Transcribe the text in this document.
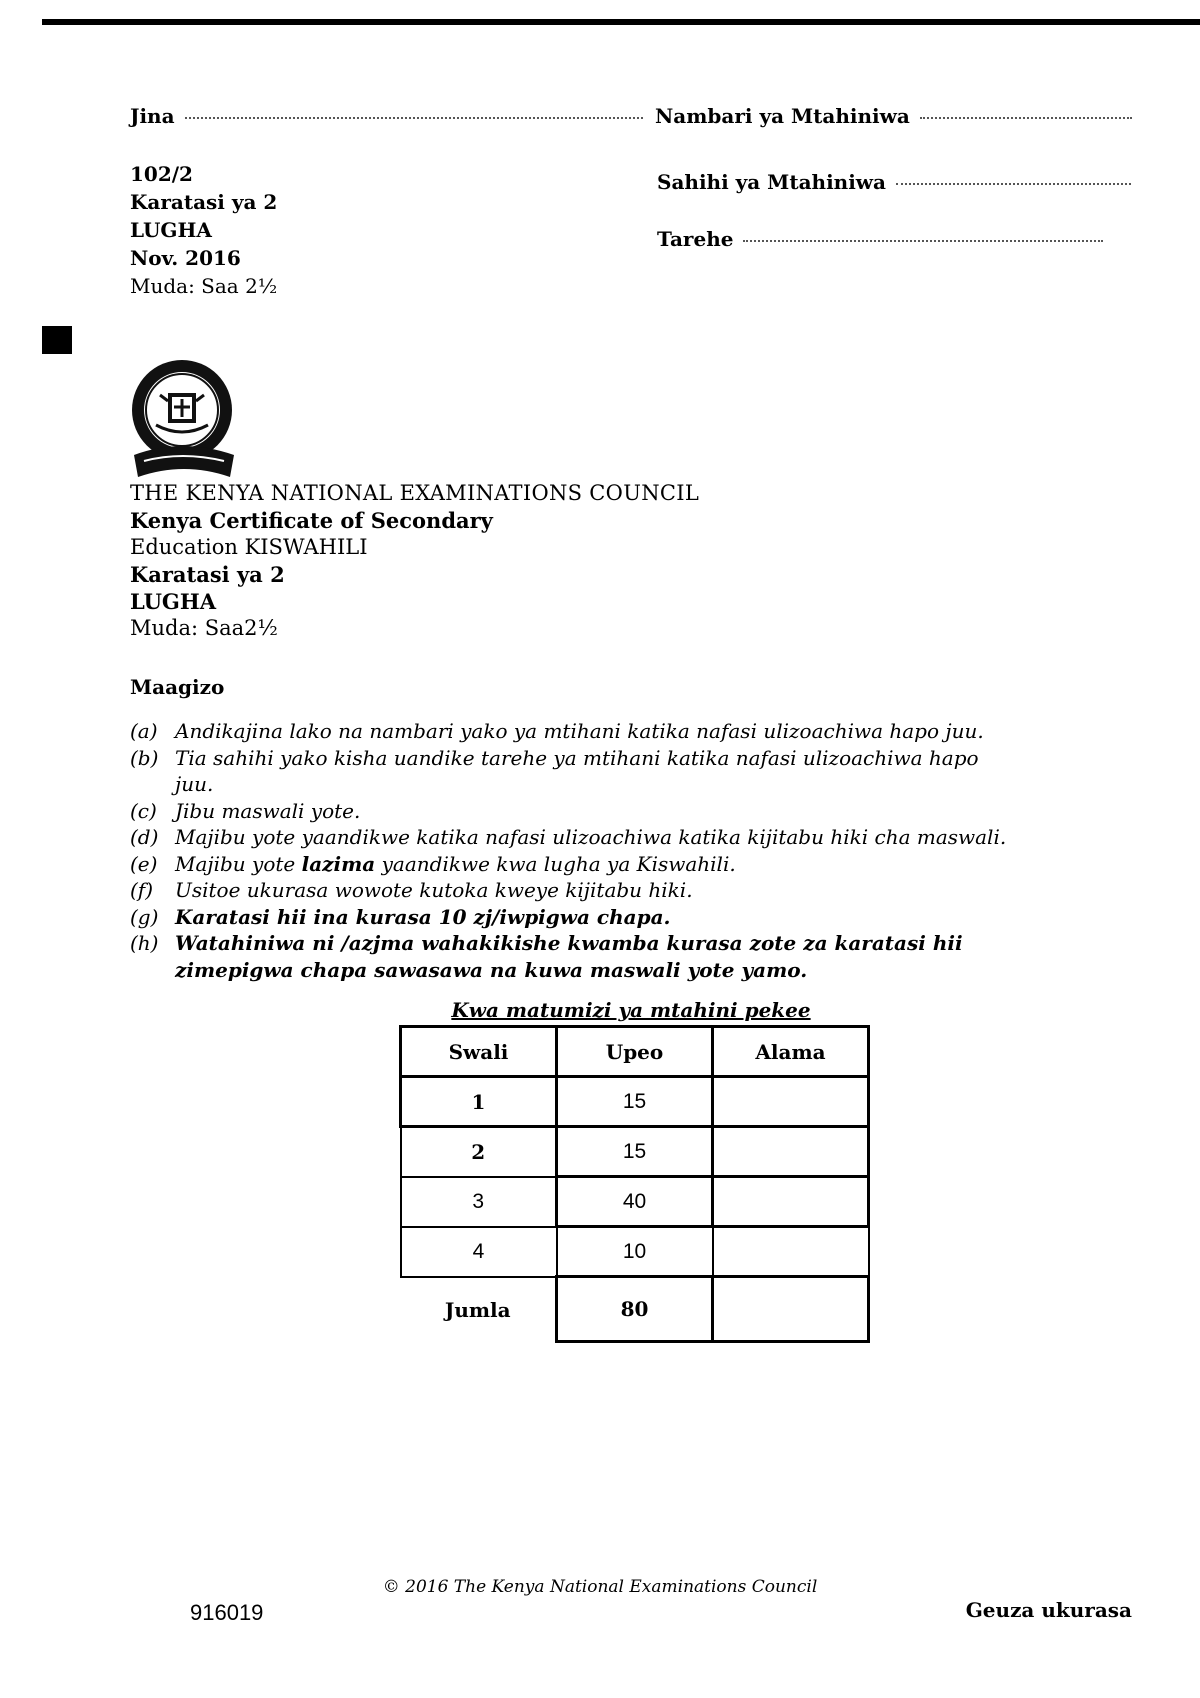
Jina	Nambari ya Mtahiniwa
Sahihi ya Mtahiniwa
Tarehe
102/2
Karatasi ya 2
LUGHA
Nov. 2016
Muda: Saa 2½
THE KENYA NATIONAL EXAMINATIONS COUNCIL
Kenya Certificate of Secondary
Education KISWAHILI
Karatasi ya 2
LUGHA
Muda: Saa2½
Maagizo
(a) Andikajina lako na nambari yako ya mtihani katika nafasi ulizoachiwa hapo juu.
(b) Tia sahihi yako kisha uandike tarehe ya mtihani katika nafasi ulizoachiwa hapo juu.
(c) Jibu maswali yote.
(d) Majibu yote yaandikwe katika nafasi ulizoachiwa katika kijitabu hiki cha maswali.
(e) Majibu yote lazima yaandikwe kwa lugha ya Kiswahili.
(f)	Usitoe ukurasa wowote kutoka kweye kijitabu hiki.
(g) Karatasi hii ina kurasa 10 zj/iwpigwa chapa.
(h) Watahiniwa ni /azjma wahakikishe kwamba kurasa zote za karatasi hii zimepigwa chapa sawasawa na kuwa maswali yote yamo.
Kwa matumizi ya mtahini pekee
Swali	Upeo	Alama
1	15	
2	15	
3	40	
4	10	
Jumla	80	
© 2016 The Kenya National Examinations Council
916019	Geuza ukurasa
